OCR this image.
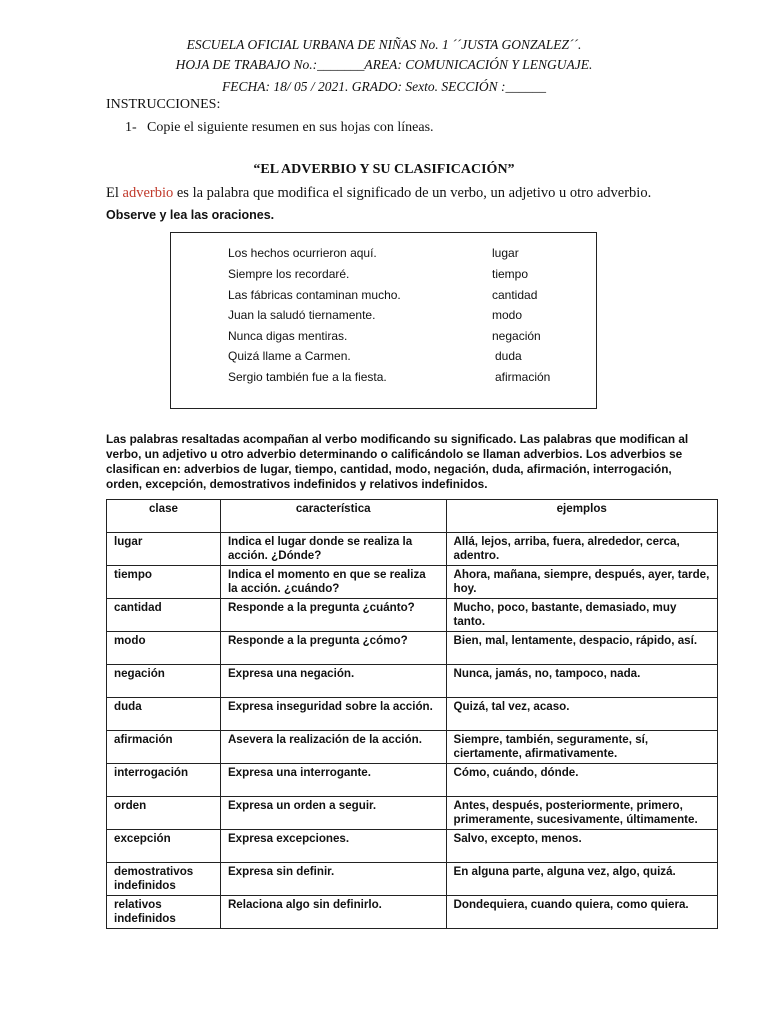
ESCUELA OFICIAL URBANA DE NIÑAS No. 1 ´´JUSTA GONZALEZ´´.
HOJA DE TRABAJO No.:_______AREA: COMUNICACIÓN Y LENGUAJE.
FECHA: 18/ 05 / 2021. GRADO: Sexto. SECCIÓN :______
INSTRUCCIONES:
1- Copie el siguiente resumen en sus hojas con líneas.
“EL ADVERBIO Y SU CLASIFICACIÓN”
El adverbio es la palabra que modifica el significado de un verbo, un adjetivo u otro adverbio.
Observe y lea las oraciones.
Los hechos ocurrieron aquí.	lugar
Siempre los recordaré.	tiempo
Las fábricas contaminan mucho.	cantidad
Juan la saludó tiernamente.	modo
Nunca digas mentiras.	negación
Quizá llame a Carmen.	duda
Sergio también fue a la fiesta.	afirmación
Las palabras resaltadas acompañan al verbo modificando su significado. Las palabras que modifican al verbo, un adjetivo u otro adverbio determinando o calificándolo se llaman adverbios. Los adverbios se clasifican en: adverbios de lugar, tiempo, cantidad, modo, negación, duda, afirmación, interrogación, orden, excepción, demostrativos indefinidos y relativos indefinidos.
clase	característica	ejemplos
lugar	Indica el lugar donde se realiza la acción. ¿Dónde?	Allá, lejos, arriba, fuera, alrededor, cerca, adentro.
tiempo	Indica el momento en que se realiza la acción. ¿cuándo?	Ahora, mañana, siempre, después, ayer, tarde, hoy.
cantidad	Responde a la pregunta ¿cuánto?	Mucho, poco, bastante, demasiado, muy tanto.
modo	Responde a la pregunta ¿cómo?	Bien, mal, lentamente, despacio, rápido, así.
negación	Expresa una negación.	Nunca, jamás, no, tampoco, nada.
duda	Expresa inseguridad sobre la acción.	Quizá, tal vez, acaso.
afirmación	Asevera la realización de la acción.	Siempre, también, seguramente, sí, ciertamente, afirmativamente.
interrogación	Expresa una interrogante.	Cómo, cuándo, dónde.
orden	Expresa un orden a seguir.	Antes, después, posteriormente, primero, primeramente, sucesivamente, últimamente.
excepción	Expresa excepciones.	Salvo, excepto, menos.
demostrativos indefinidos	Expresa sin definir.	En alguna parte, alguna vez, algo, quizá.
relativos indefinidos	Relaciona algo sin definirlo.	Dondequiera, cuando quiera, como quiera.
